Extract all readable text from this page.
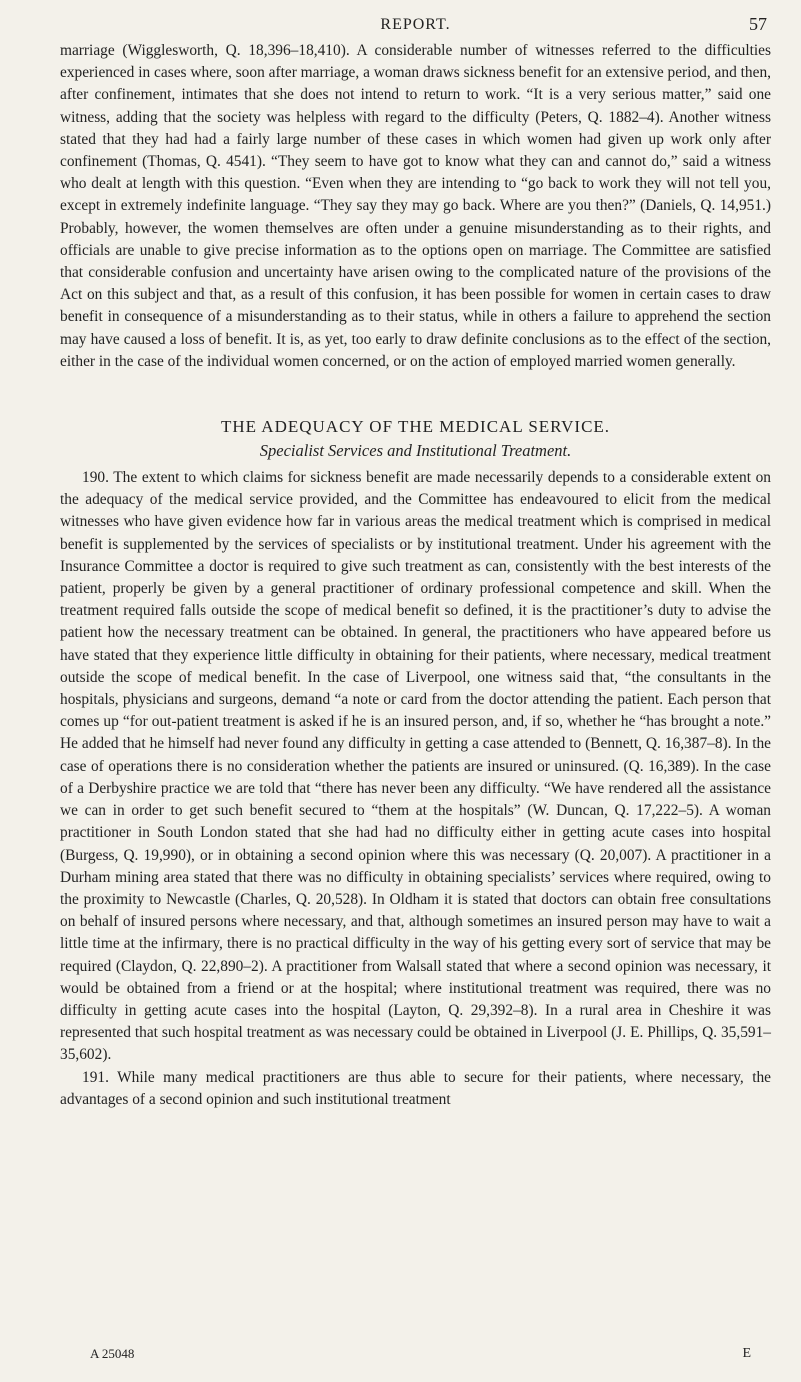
REPORT.	57

marriage (Wigglesworth, Q. 18,396–18,410). A considerable number of witnesses referred to the difficulties experienced in cases where, soon after marriage, a woman draws sickness benefit for an extensive period, and then, after confinement, intimates that she does not intend to return to work. “It is a very serious matter,” said one witness, adding that the society was helpless with regard to the difficulty (Peters, Q. 1882–4). Another witness stated that they had had a fairly large number of these cases in which women had given up work only after confinement (Thomas, Q. 4541). “They seem to have got to know what they can and cannot do,” said a witness who dealt at length with this question. “Even when they are intending to “go back to work they will not tell you, except in extremely indefinite language. “They say they may go back. Where are you then?” (Daniels, Q. 14,951.) Probably, however, the women themselves are often under a genuine misunderstanding as to their rights, and officials are unable to give precise information as to the options open on marriage. The Committee are satisfied that considerable confusion and uncertainty have arisen owing to the complicated nature of the provisions of the Act on this subject and that, as a result of this confusion, it has been possible for women in certain cases to draw benefit in consequence of a misunderstanding as to their status, while in others a failure to apprehend the section may have caused a loss of benefit. It is, as yet, too early to draw definite conclusions as to the effect of the section, either in the case of the individual women concerned, or on the action of employed married women generally.

THE ADEQUACY OF THE MEDICAL SERVICE.
Specialist Services and Institutional Treatment.

190. The extent to which claims for sickness benefit are made necessarily depends to a considerable extent on the adequacy of the medical service provided, and the Committee has endeavoured to elicit from the medical witnesses who have given evidence how far in various areas the medical treatment which is comprised in medical benefit is supplemented by the services of specialists or by institutional treatment. Under his agreement with the Insurance Committee a doctor is required to give such treatment as can, consistently with the best interests of the patient, properly be given by a general practitioner of ordinary professional competence and skill. When the treatment required falls outside the scope of medical benefit so defined, it is the practitioner’s duty to advise the patient how the necessary treatment can be obtained. In general, the practitioners who have appeared before us have stated that they experience little difficulty in obtaining for their patients, where necessary, medical treatment outside the scope of medical benefit. In the case of Liverpool, one witness said that, “the consultants in the hospitals, physicians and surgeons, demand “a note or card from the doctor attending the patient. Each person that comes up “for out-patient treatment is asked if he is an insured person, and, if so, whether he “has brought a note.” He added that he himself had never found any difficulty in getting a case attended to (Bennett, Q. 16,387–8). In the case of operations there is no consideration whether the patients are insured or uninsured. (Q. 16,389). In the case of a Derbyshire practice we are told that “there has never been any difficulty. “We have rendered all the assistance we can in order to get such benefit secured to “them at the hospitals” (W. Duncan, Q. 17,222–5). A woman practitioner in South London stated that she had had no difficulty either in getting acute cases into hospital (Burgess, Q. 19,990), or in obtaining a second opinion where this was necessary (Q. 20,007). A practitioner in a Durham mining area stated that there was no difficulty in obtaining specialists’ services where required, owing to the proximity to Newcastle (Charles, Q. 20,528). In Oldham it is stated that doctors can obtain free consultations on behalf of insured persons where necessary, and that, although sometimes an insured person may have to wait a little time at the infirmary, there is no practical difficulty in the way of his getting every sort of service that may be required (Claydon, Q. 22,890–2). A practitioner from Walsall stated that where a second opinion was necessary, it would be obtained from a friend or at the hospital; where institutional treatment was required, there was no difficulty in getting acute cases into the hospital (Layton, Q. 29,392–8). In a rural area in Cheshire it was represented that such hospital treatment as was necessary could be obtained in Liverpool (J. E. Phillips, Q. 35,591–35,602).

191. While many medical practitioners are thus able to secure for their patients, where necessary, the advantages of a second opinion and such institutional treatment

A 25048	E
